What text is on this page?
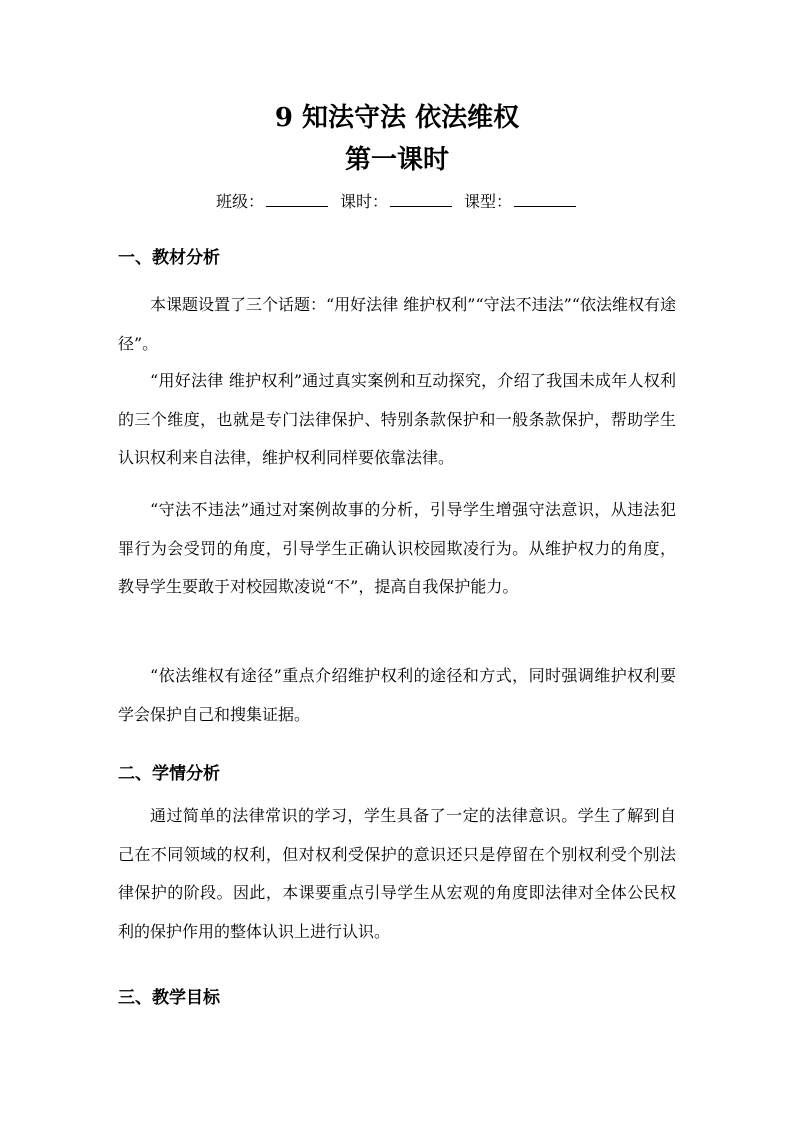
9 知法守法 依法维权
第一课时
班级：	课时：	课型：
一、教材分析
本课题设置了三个话题：“用好法律 维护权利”“守法不违法”“依法维权有途径”。
“用好法律 维护权利”通过真实案例和互动探究，介绍了我国未成年人权利的三个维度，也就是专门法律保护、特别条款保护和一般条款保护，帮助学生认识权利来自法律，维护权利同样要依靠法律。
“守法不违法”通过对案例故事的分析，引导学生增强守法意识，从违法犯罪行为会受罚的角度，引导学生正确认识校园欺凌行为。从维护权力的角度，教导学生要敢于对校园欺凌说“不”，提高自我保护能力。
“依法维权有途径”重点介绍维护权利的途径和方式，同时强调维护权利要学会保护自己和搜集证据。
二、学情分析
通过简单的法律常识的学习，学生具备了一定的法律意识。学生了解到自己在不同领域的权利，但对权利受保护的意识还只是停留在个别权利受个别法律保护的阶段。因此，本课要重点引导学生从宏观的角度即法律对全体公民权利的保护作用的整体认识上进行认识。
三、教学目标
